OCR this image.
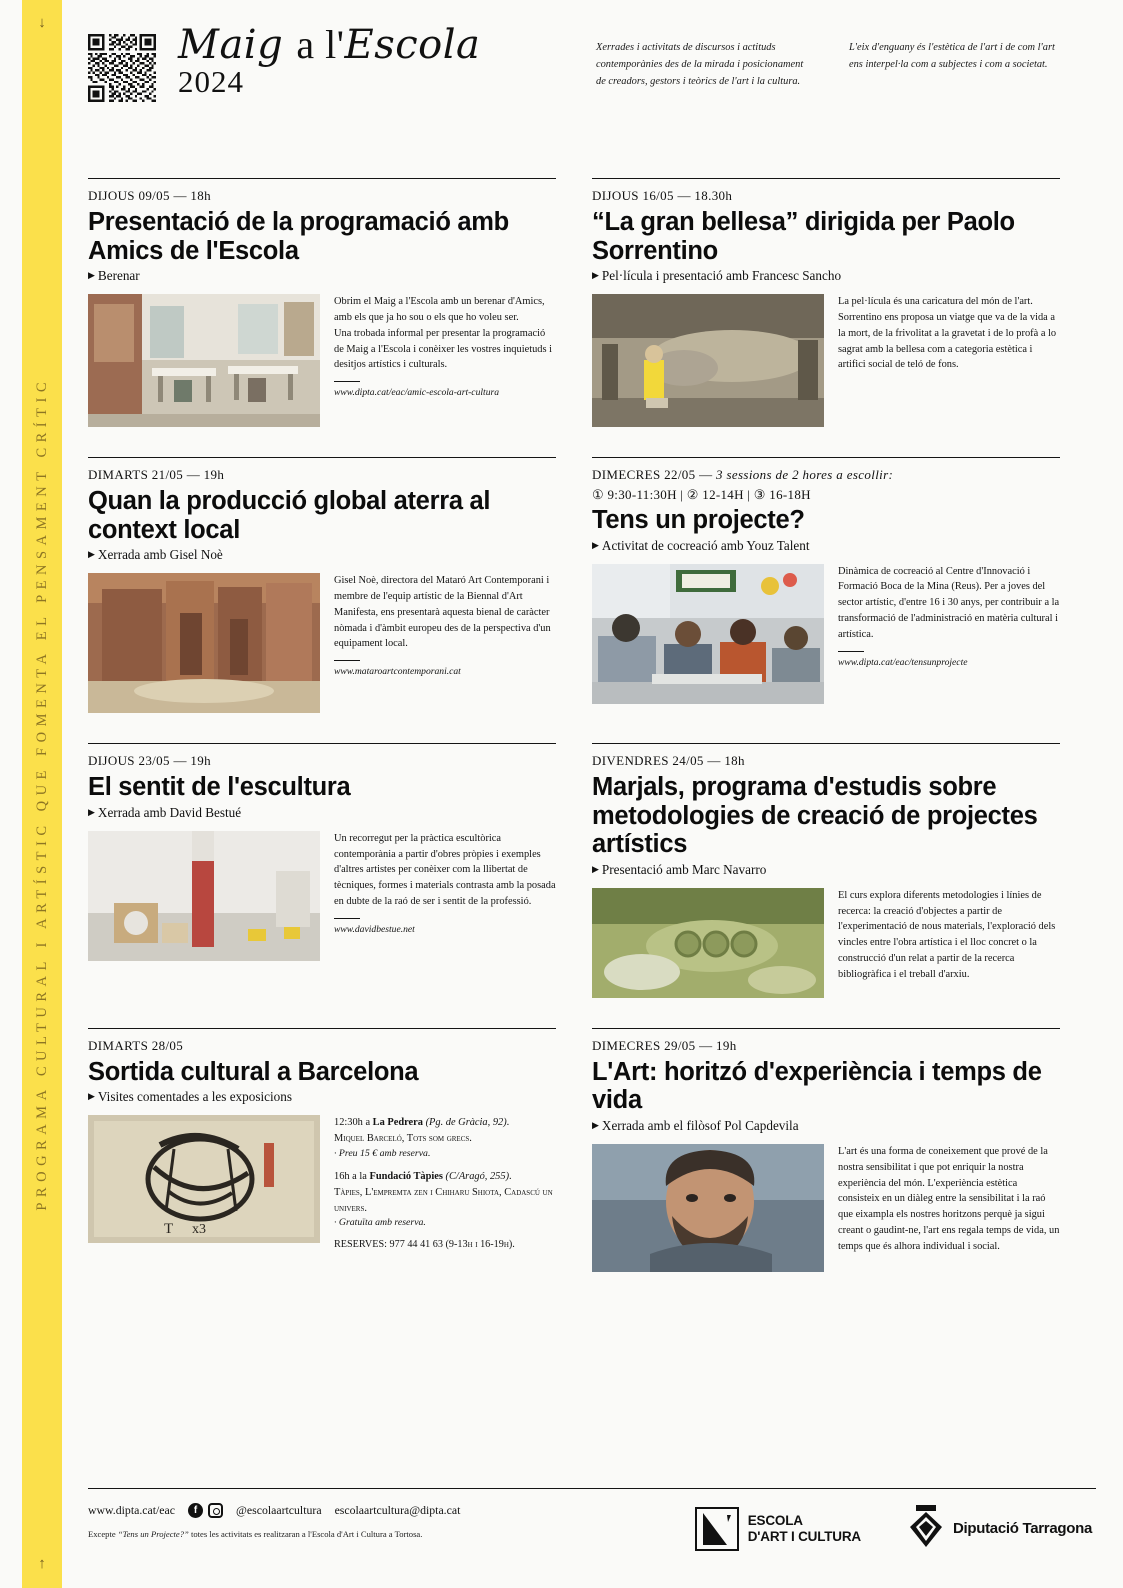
↓
PROGRAMA CULTURAL I ARTÍSTIC QUE FOMENTA EL PENSAMENT CRÍTIC
↑
Maig a l'Escola
2024
Xerrades i activitats de discursos i actituds contemporànies des de la mirada i posicionament de creadors, gestors i teòrics de l'art i la cultura.
L'eix d'enguany és l'estètica de l'art i de com l'art ens interpel·la com a subjectes i com a societat.
DIJOUS 09/05 — 18h
Presentació de la programació amb Amics de l'Escola
▶ Berenar
Obrim el Maig a l'Escola amb un berenar d'Amics, amb els que ja ho sou o els que ho voleu ser. Una trobada informal per presentar la programació de Maig a l'Escola i conèixer les vostres inquietuds i desitjos artístics i culturals.
www.dipta.cat/eac/amic-escola-art-cultura
DIJOUS 16/05 — 18.30h
“La gran bellesa” dirigida per Paolo Sorrentino
▶ Pel·lícula i presentació amb Francesc Sancho
La pel·lícula és una caricatura del món de l'art. Sorrentino ens proposa un viatge que va de la vida a la mort, de la frivolitat a la gravetat i de lo profà a lo sagrat amb la bellesa com a categoria estètica i artifici social de teló de fons.
DIMARTS 21/05 — 19h
Quan la producció global aterra al context local
▶ Xerrada amb Gisel Noè
Gisel Noè, directora del Mataró Art Contemporani i membre de l'equip artístic de la Biennal d'Art Manifesta, ens presentarà aquesta bienal de caràcter nòmada i d'àmbit europeu des de la perspectiva d'un equipament local.
www.mataroartcontemporani.cat
DIMECRES 22/05 — 3 sessions de 2 hores a escollir:
① 9:30-11:30H | ② 12-14H | ③ 16-18H
Tens un projecte?
▶ Activitat de cocreació amb Youz Talent
Dinàmica de cocreació al Centre d'Innovació i Formació Boca de la Mina (Reus). Per a joves del sector artístic, d'entre 16 i 30 anys, per contribuir a la transformació de l'administració en matèria cultural i artística.
www.dipta.cat/eac/tensunprojecte
DIJOUS 23/05 — 19h
El sentit de l'escultura
▶ Xerrada amb David Bestué
Un recorregut per la pràctica escultòrica contemporània a partir d'obres pròpies i exemples d'altres artistes per conèixer com la llibertat de tècniques, formes i materials contrasta amb la posada en dubte de la raó de ser i sentit de la professió.
www.davidbestue.net
DIVENDRES 24/05 — 18h
Marjals, programa d'estudis sobre metodologies de creació de projectes artístics
▶ Presentació amb Marc Navarro
El curs explora diferents metodologies i línies de recerca: la creació d'objectes a partir de l'experimentació de nous materials, l'exploració dels vincles entre l'obra artística i el lloc concret o la construcció d'un relat a partir de la recerca bibliogràfica i el treball d'arxiu.
DIMARTS 28/05
Sortida cultural a Barcelona
▶ Visites comentades a les exposicions
T x3
12:30h a La Pedrera (Pg. de Gràcia, 92).
Miquel Barceló, Tots som grecs.
· Preu 15 € amb reserva.
16h a la Fundació Tàpies (C/Aragó, 255).
Tàpies, L'empremta zen i Chiharu Shiota, Cadascú un univers.
· Gratuïta amb reserva.
RESERVES: 977 44 41 63 (9-13h i 16-19h).
DIMECRES 29/05 — 19h
L'Art: horitzó d'experiència i temps de vida
▶ Xerrada amb el filòsof Pol Capdevila
L'art és una forma de coneixement que prové de la nostra sensibilitat i que pot enriquir la nostra experiència del món. L'experiència estètica consisteix en un diàleg entre la sensibilitat i la raó que eixampla els nostres horitzons perquè ja sigui creant o gaudint-ne, l'art ens regala temps de vida, un temps que és alhora individual i social.
www.dipta.cat/eac	f	@escolaartcultura escolaartcultura@dipta.cat
Excepte “Tens un Projecte?” totes les activitats es realitzaran a l'Escola d'Art i Cultura a Tortosa.
ESCOLA
D'ART I CULTURA	Diputació Tarragona
